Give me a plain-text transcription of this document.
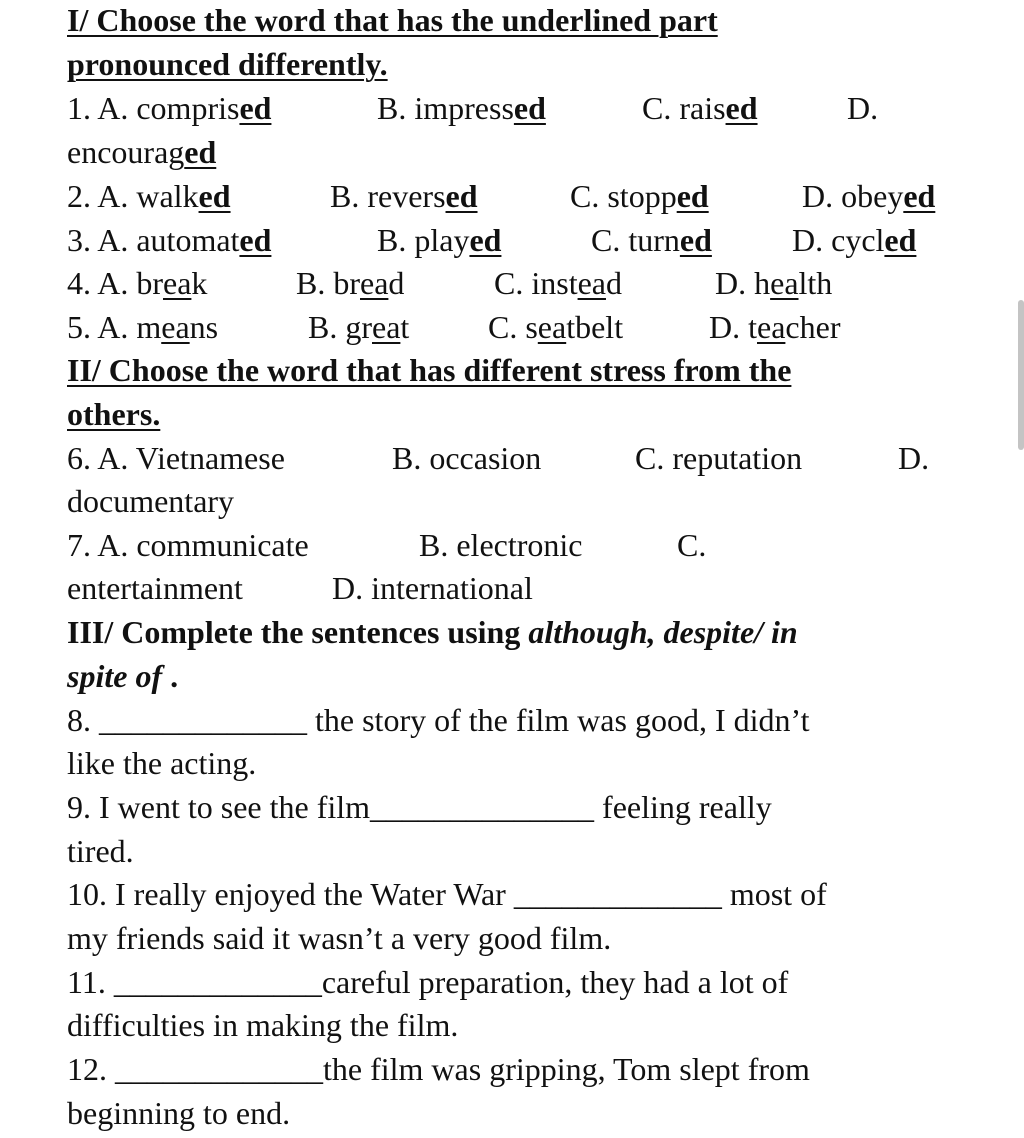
I/ Choose the word that has the underlined part
pronounced differently.
1. A. comprised	B. impressed	C. raised	D.
encouraged
2. A. walked	B. reversed	C. stopped	D. obeyed
3. A. automated	B. played	C. turned	D. cycled
4. A. break	B. bread	C. instead	D. health
5. A. means	B. great C. seatbelt	D. teacher
II/ Choose the word that has different stress from the
others.
6. A. Vietnamese	B. occasion	C. reputation	D.
documentary
7. A. communicate	B. electronic	C.
entertainment	D. international
III/ Complete the sentences using although, despite/ in
spite of .
8. _____________ the story of the film was good, I didn’t
like the acting.
9. I went to see the film______________ feeling really
tired.
10. I really enjoyed the Water War _____________ most of
my friends said it wasn’t a very good film.
11. _____________careful preparation, they had a lot of
difficulties in making the film.
12. _____________the film was gripping, Tom slept from
beginning to end.
